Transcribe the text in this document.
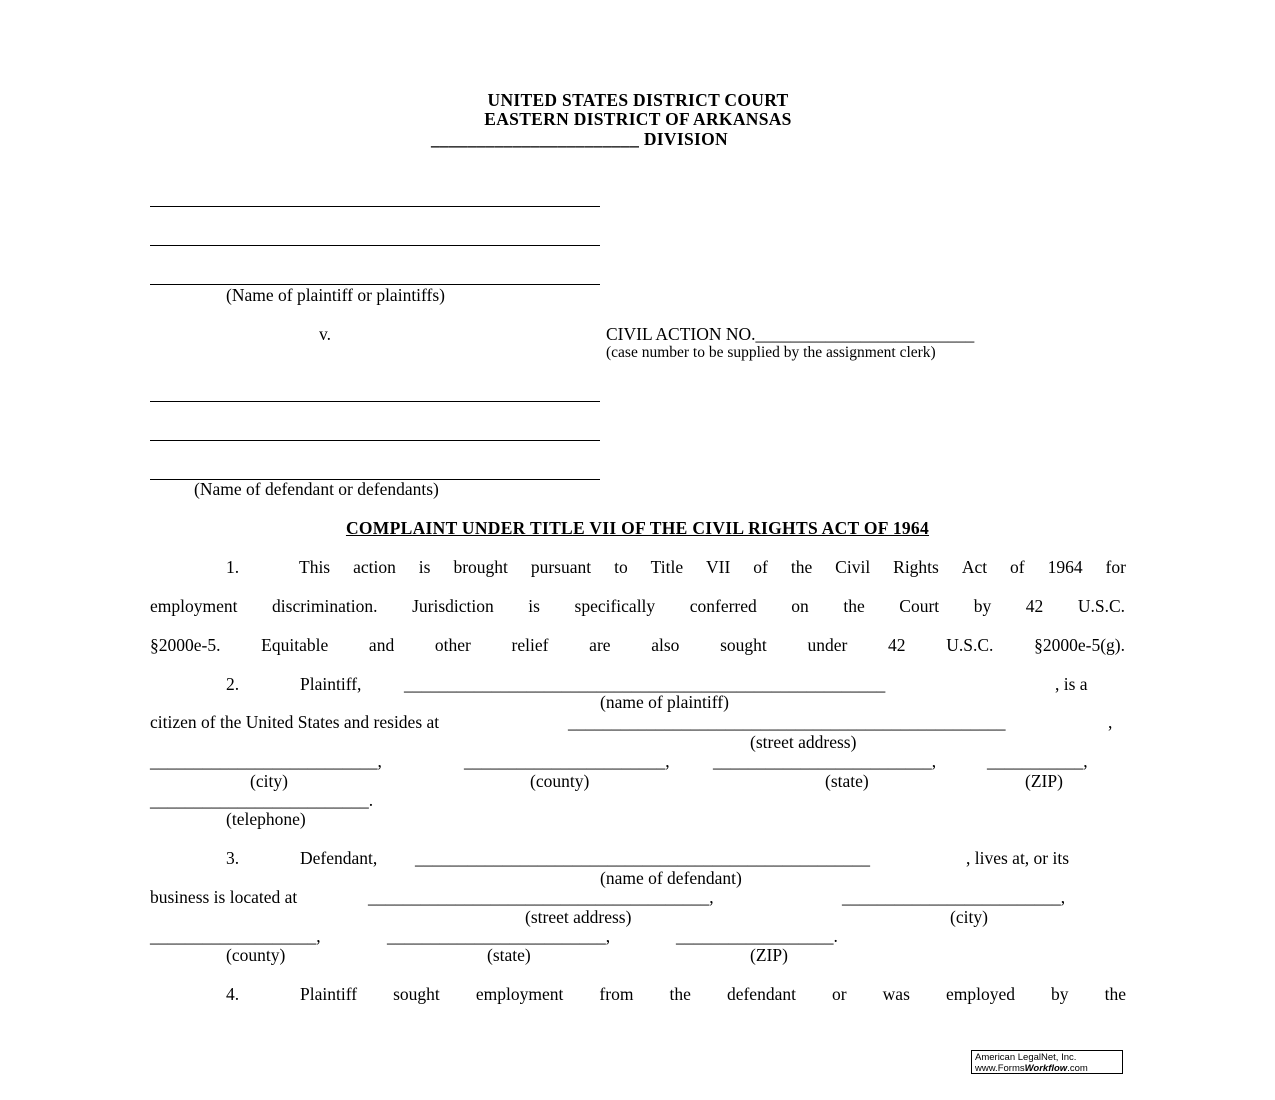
UNITED STATES DISTRICT COURT
EASTERN DISTRICT OF ARKANSAS
_______________________ DIVISION
(Name of plaintiff or plaintiffs)
v.	CIVIL ACTION NO._________________________
(case number to be supplied by the assignment clerk)
(Name of defendant or defendants)
COMPLAINT UNDER TITLE VII OF THE CIVIL RIGHTS ACT OF 1964
1.	This action is brought pursuant to Title VII of the Civil Rights Act of 1964 for
employment discrimination. Jurisdiction is specifically conferred on the Court by 42 U.S.C.
§2000e-5. Equitable and other relief are also sought under 42 U.S.C. §2000e-5(g).
2.	Plaintiff, _______________________________________________________	, is a
(name of plaintiff)
citizen of the United States and resides at	__________________________________________________	,
(street address)
__________________________,	_______________________, _________________________,	___________,
(city)	(county)	(state)	(ZIP)
_________________________.
(telephone)
3.	Defendant, ____________________________________________________	, lives at, or its
(name of defendant)
business is located at	_______________________________________,	_________________________,
(street address)	(city)
___________________,	_________________________,	__________________.
(county)	(state)	(ZIP)
4.	Plaintiff sought employment from the defendant or was employed by the
American LegalNet, Inc.
www.FormsWorkflow.com
